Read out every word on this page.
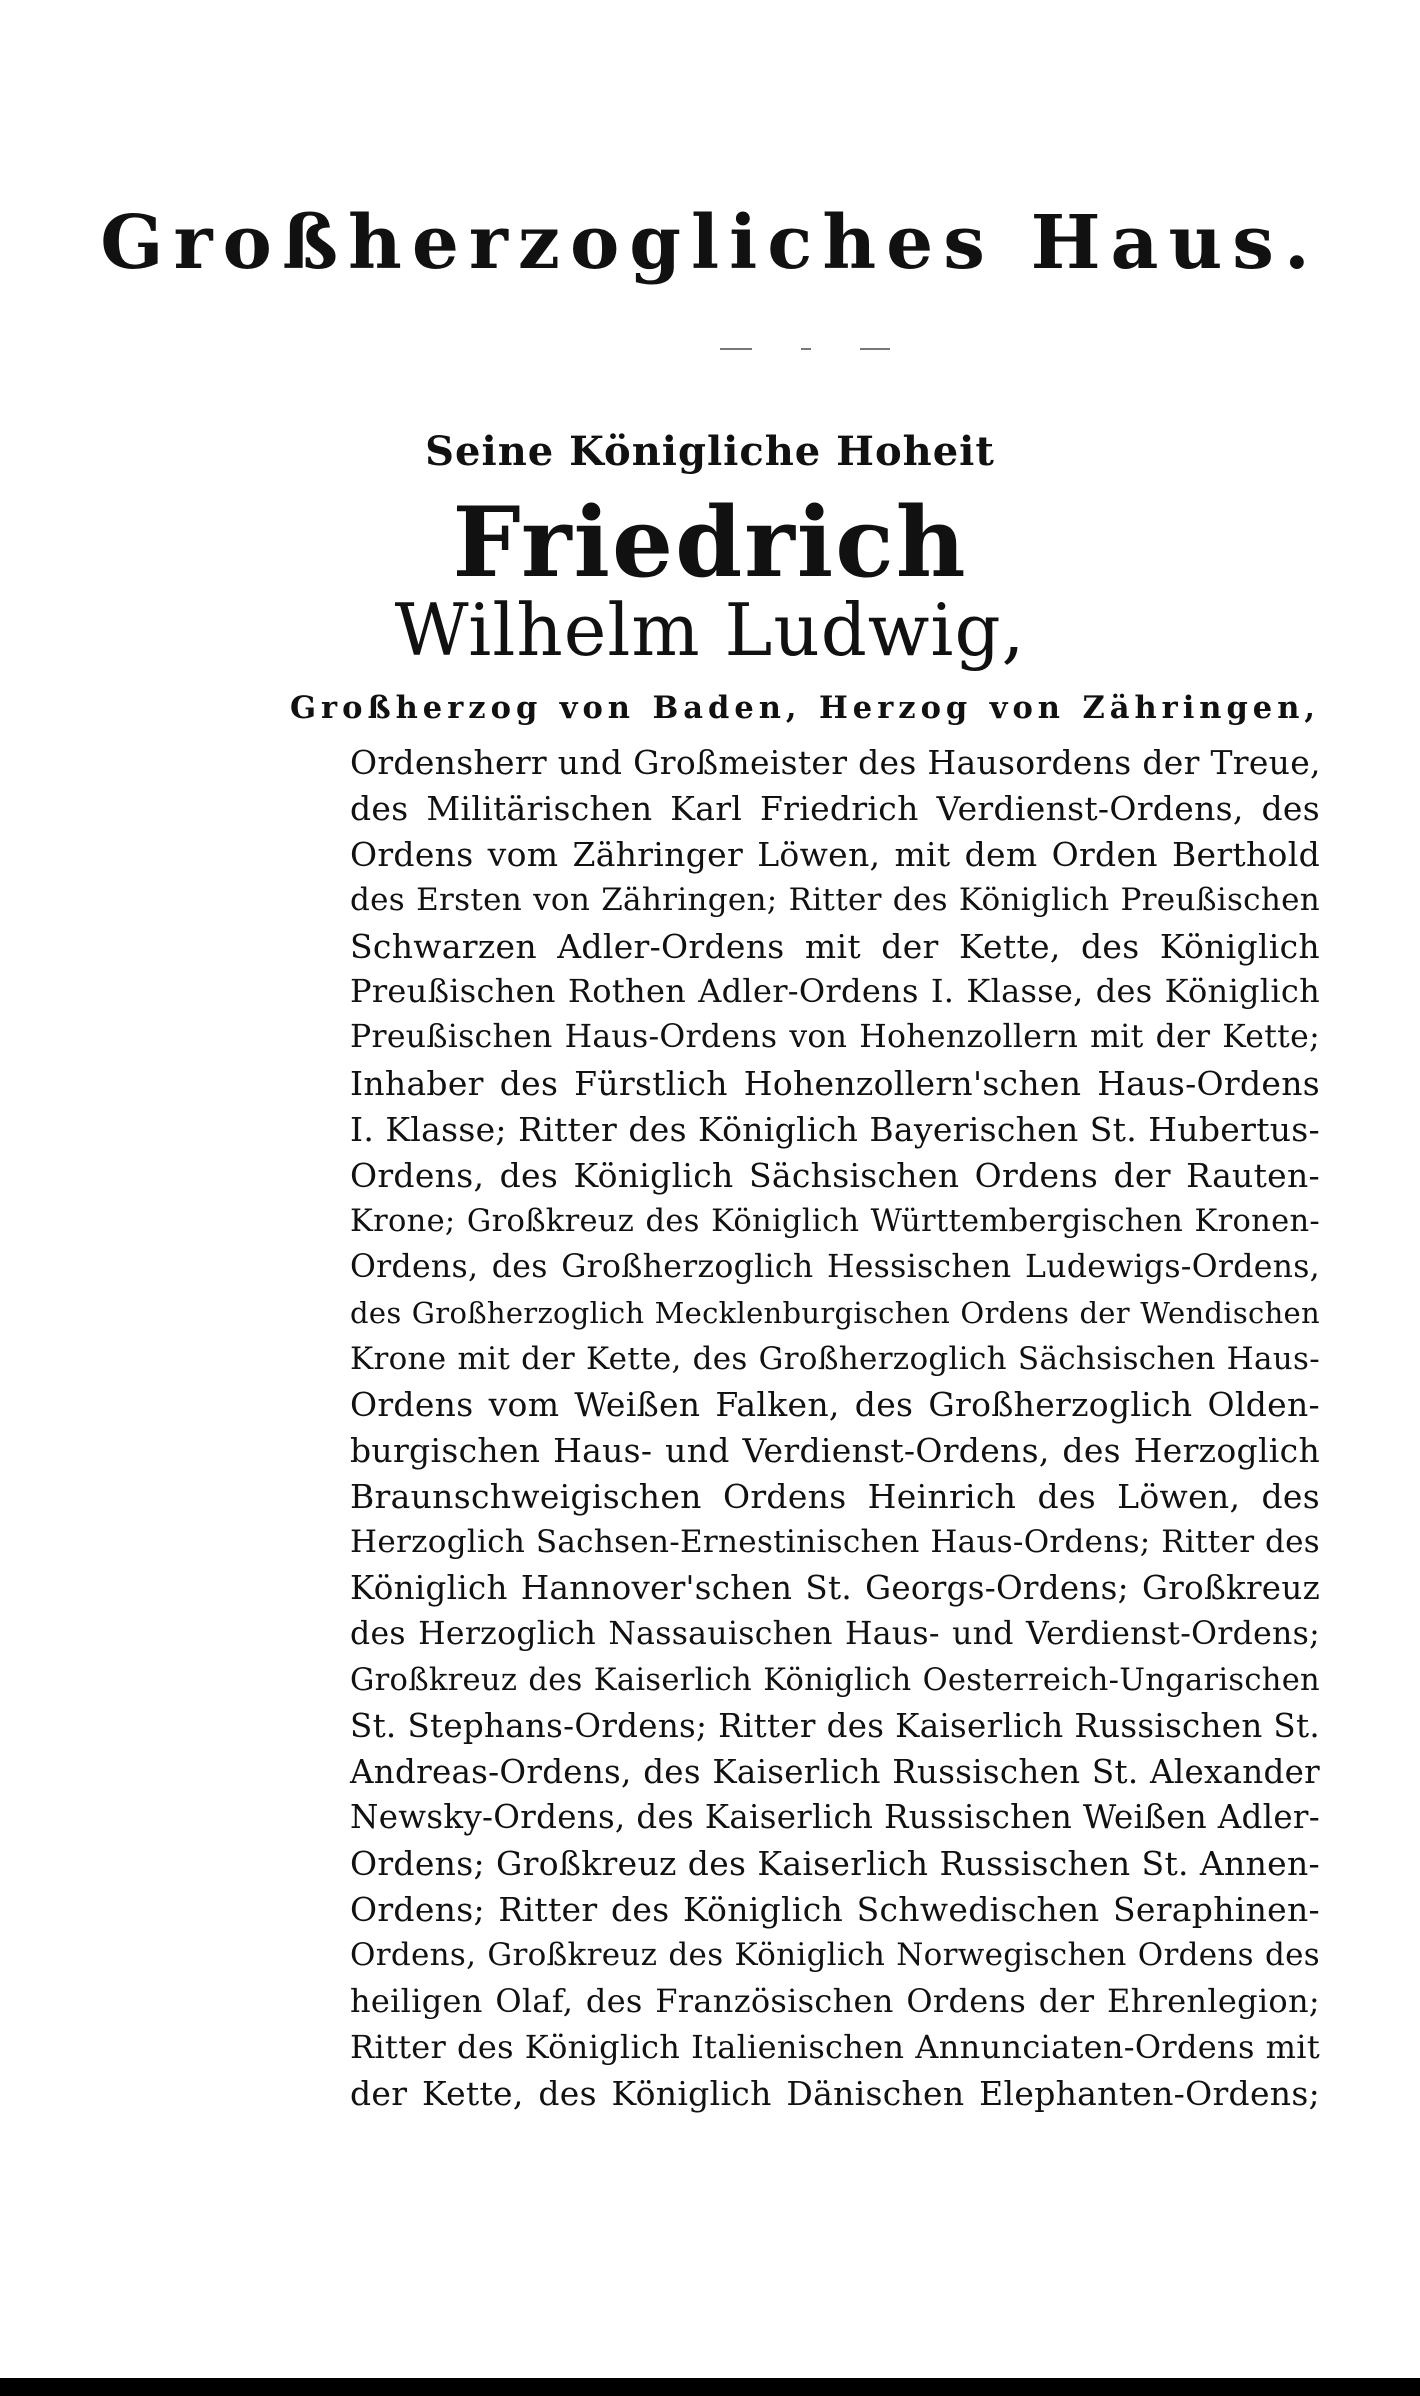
Großherzogliches Haus.
Seine Königliche Hoheit
Friedrich
Wilhelm Ludwig,
Großherzog von Baden, Herzog von Zähringen,
Ordensherr und Großmeister des Hausordens der Treue,
des Militärischen Karl Friedrich Verdienst-Ordens, des
Ordens vom Zähringer Löwen, mit dem Orden Berthold
des Ersten von Zähringen; Ritter des Königlich Preußischen
Schwarzen Adler-Ordens mit der Kette, des Königlich
Preußischen Rothen Adler-Ordens I. Klasse, des Königlich
Preußischen Haus-Ordens von Hohenzollern mit der Kette;
Inhaber des Fürstlich Hohenzollern'schen Haus-Ordens
I. Klasse; Ritter des Königlich Bayerischen St. Hubertus-
Ordens, des Königlich Sächsischen Ordens der Rauten-
Krone; Großkreuz des Königlich Württembergischen Kronen-
Ordens, des Großherzoglich Hessischen Ludewigs-Ordens,
des Großherzoglich Mecklenburgischen Ordens der Wendischen
Krone mit der Kette, des Großherzoglich Sächsischen Haus-
Ordens vom Weißen Falken, des Großherzoglich Olden-
burgischen Haus- und Verdienst-Ordens, des Herzoglich
Braunschweigischen Ordens Heinrich des Löwen, des
Herzoglich Sachsen-Ernestinischen Haus-Ordens; Ritter des
Königlich Hannover'schen St. Georgs-Ordens; Großkreuz
des Herzoglich Nassauischen Haus- und Verdienst-Ordens;
Großkreuz des Kaiserlich Königlich Oesterreich-Ungarischen
St. Stephans-Ordens; Ritter des Kaiserlich Russischen St.
Andreas-Ordens, des Kaiserlich Russischen St. Alexander
Newsky-Ordens, des Kaiserlich Russischen Weißen Adler-
Ordens; Großkreuz des Kaiserlich Russischen St. Annen-
Ordens; Ritter des Königlich Schwedischen Seraphinen-
Ordens, Großkreuz des Königlich Norwegischen Ordens des
heiligen Olaf, des Französischen Ordens der Ehrenlegion;
Ritter des Königlich Italienischen Annunciaten-Ordens mit
der Kette, des Königlich Dänischen Elephanten-Ordens;
